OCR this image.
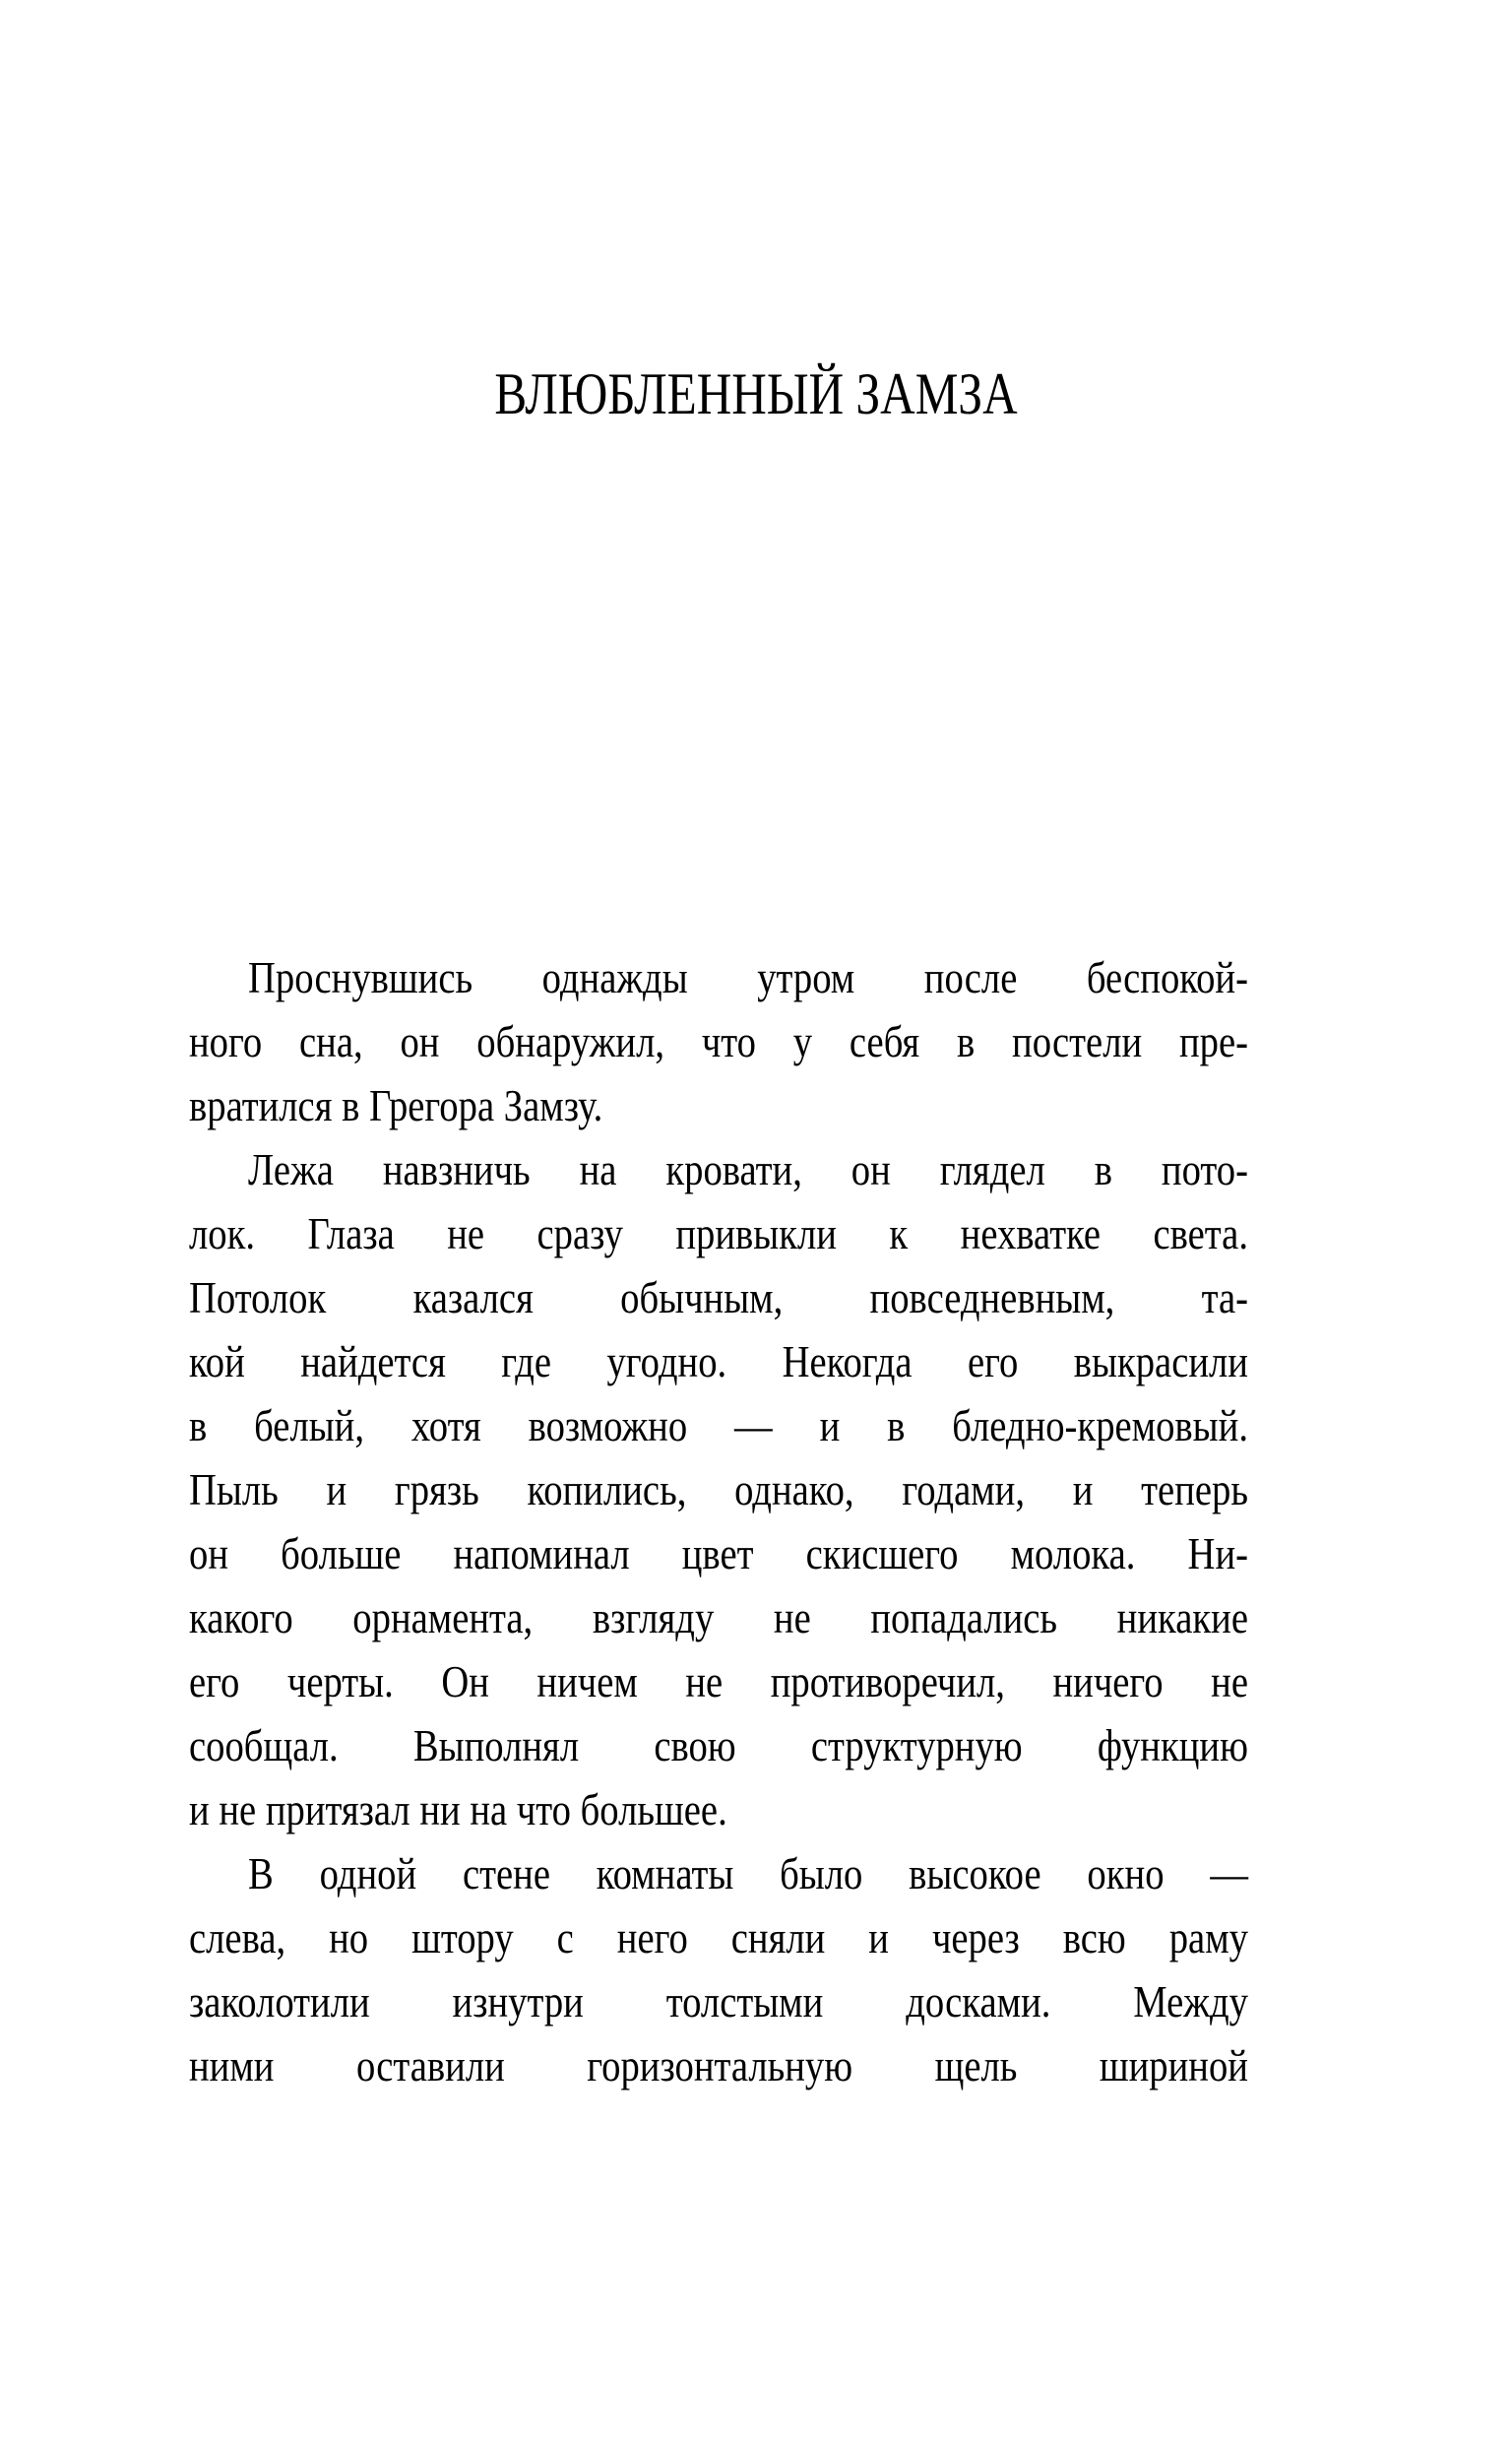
ВЛЮБЛЕННЫЙ ЗАМЗА
Проснувшись однажды утром после беспокой-
ного сна, он обнаружил, что у себя в постели пре-
вратился в Грегора Замзу.
Лежа навзничь на кровати, он глядел в пото-
лок. Глаза не сразу привыкли к нехватке света.
Потолок казался обычным, повседневным, та-
кой найдется где угодно. Некогда его выкрасили
в белый, хотя возможно — и в бледно-кремовый.
Пыль и грязь копились, однако, годами, и теперь
он больше напоминал цвет скисшего молока. Ни-
какого орнамента, взгляду не попадались никакие
его черты. Он ничем не противоречил, ничего не
сообщал. Выполнял свою структурную функцию
и не притязал ни на что большее.
В одной стене комнаты было высокое окно —
слева, но штору с него сняли и через всю раму
заколотили изнутри толстыми досками. Между
ними оставили горизонтальную щель шириной
